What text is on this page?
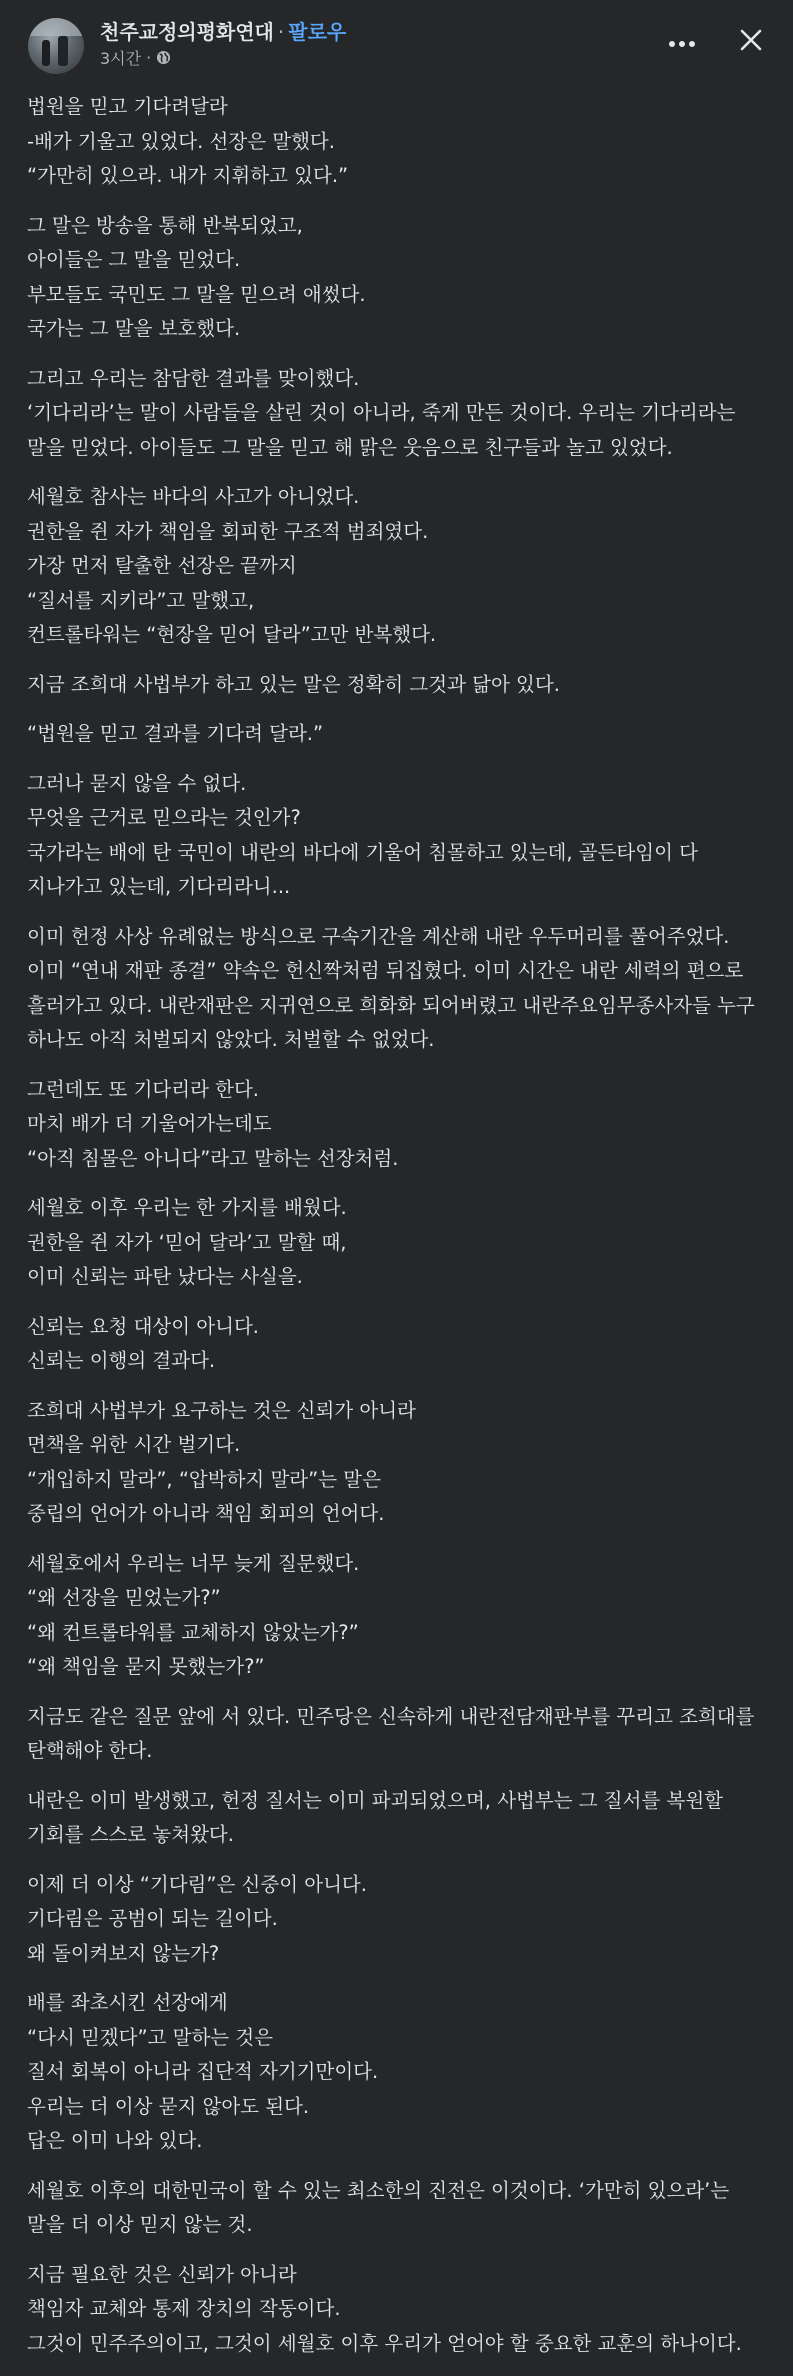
천주교정의평화연대 · 팔로우
3시간 ·

법원을 믿고 기다려달라
-배가 기울고 있었다. 선장은 말했다.
“가만히 있으라. 내가 지휘하고 있다.”

그 말은 방송을 통해 반복되었고,
아이들은 그 말을 믿었다.
부모들도 국민도 그 말을 믿으려 애썼다.
국가는 그 말을 보호했다.

그리고 우리는 참담한 결과를 맞이했다.
‘기다리라’는 말이 사람들을 살린 것이 아니라, 죽게 만든 것이다. 우리는 기다리라는 말을 믿었다. 아이들도 그 말을 믿고 해 맑은 웃음으로 친구들과 놀고 있었다.

세월호 참사는 바다의 사고가 아니었다.
권한을 쥔 자가 책임을 회피한 구조적 범죄였다.
가장 먼저 탈출한 선장은 끝까지
“질서를 지키라”고 말했고,
컨트롤타워는 “현장을 믿어 달라”고만 반복했다.

지금 조희대 사법부가 하고 있는 말은 정확히 그것과 닮아 있다.

“법원을 믿고 결과를 기다려 달라.”

그러나 묻지 않을 수 없다.
무엇을 근거로 믿으라는 것인가?
국가라는 배에 탄 국민이 내란의 바다에 기울어 침몰하고 있는데, 골든타임이 다 지나가고 있는데, 기다리라니...

이미 헌정 사상 유례없는 방식으로 구속기간을 계산해 내란 우두머리를 풀어주었다.
이미 “연내 재판 종결” 약속은 헌신짝처럼 뒤집혔다. 이미 시간은 내란 세력의 편으로 흘러가고 있다. 내란재판은 지귀연으로 희화화 되어버렸고 내란주요임무종사자들 누구 하나도 아직 처벌되지 않았다. 처벌할 수 없었다.

그런데도 또 기다리라 한다.
마치 배가 더 기울어가는데도
“아직 침몰은 아니다”라고 말하는 선장처럼.

세월호 이후 우리는 한 가지를 배웠다.
권한을 쥔 자가 ‘믿어 달라’고 말할 때,
이미 신뢰는 파탄 났다는 사실을.

신뢰는 요청 대상이 아니다.
신뢰는 이행의 결과다.

조희대 사법부가 요구하는 것은 신뢰가 아니라
면책을 위한 시간 벌기다.
“개입하지 말라”, “압박하지 말라”는 말은
중립의 언어가 아니라 책임 회피의 언어다.

세월호에서 우리는 너무 늦게 질문했다.
“왜 선장을 믿었는가?”
“왜 컨트롤타워를 교체하지 않았는가?”
“왜 책임을 묻지 못했는가?”

지금도 같은 질문 앞에 서 있다. 민주당은 신속하게 내란전담재판부를 꾸리고 조희대를 탄핵해야 한다.

내란은 이미 발생했고, 헌정 질서는 이미 파괴되었으며, 사법부는 그 질서를 복원할 기회를 스스로 놓쳐왔다.

이제 더 이상 “기다림”은 신중이 아니다.
기다림은 공범이 되는 길이다.
왜 돌이켜보지 않는가?

배를 좌초시킨 선장에게
“다시 믿겠다”고 말하는 것은
질서 회복이 아니라 집단적 자기기만이다.
우리는 더 이상 묻지 않아도 된다.
답은 이미 나와 있다.

세월호 이후의 대한민국이 할 수 있는 최소한의 진전은 이것이다. ‘가만히 있으라’는 말을 더 이상 믿지 않는 것.

지금 필요한 것은 신뢰가 아니라
책임자 교체와 통제 장치의 작동이다.
그것이 민주주의이고, 그것이 세월호 이후 우리가 얻어야 할 중요한 교훈의 하나이다.
